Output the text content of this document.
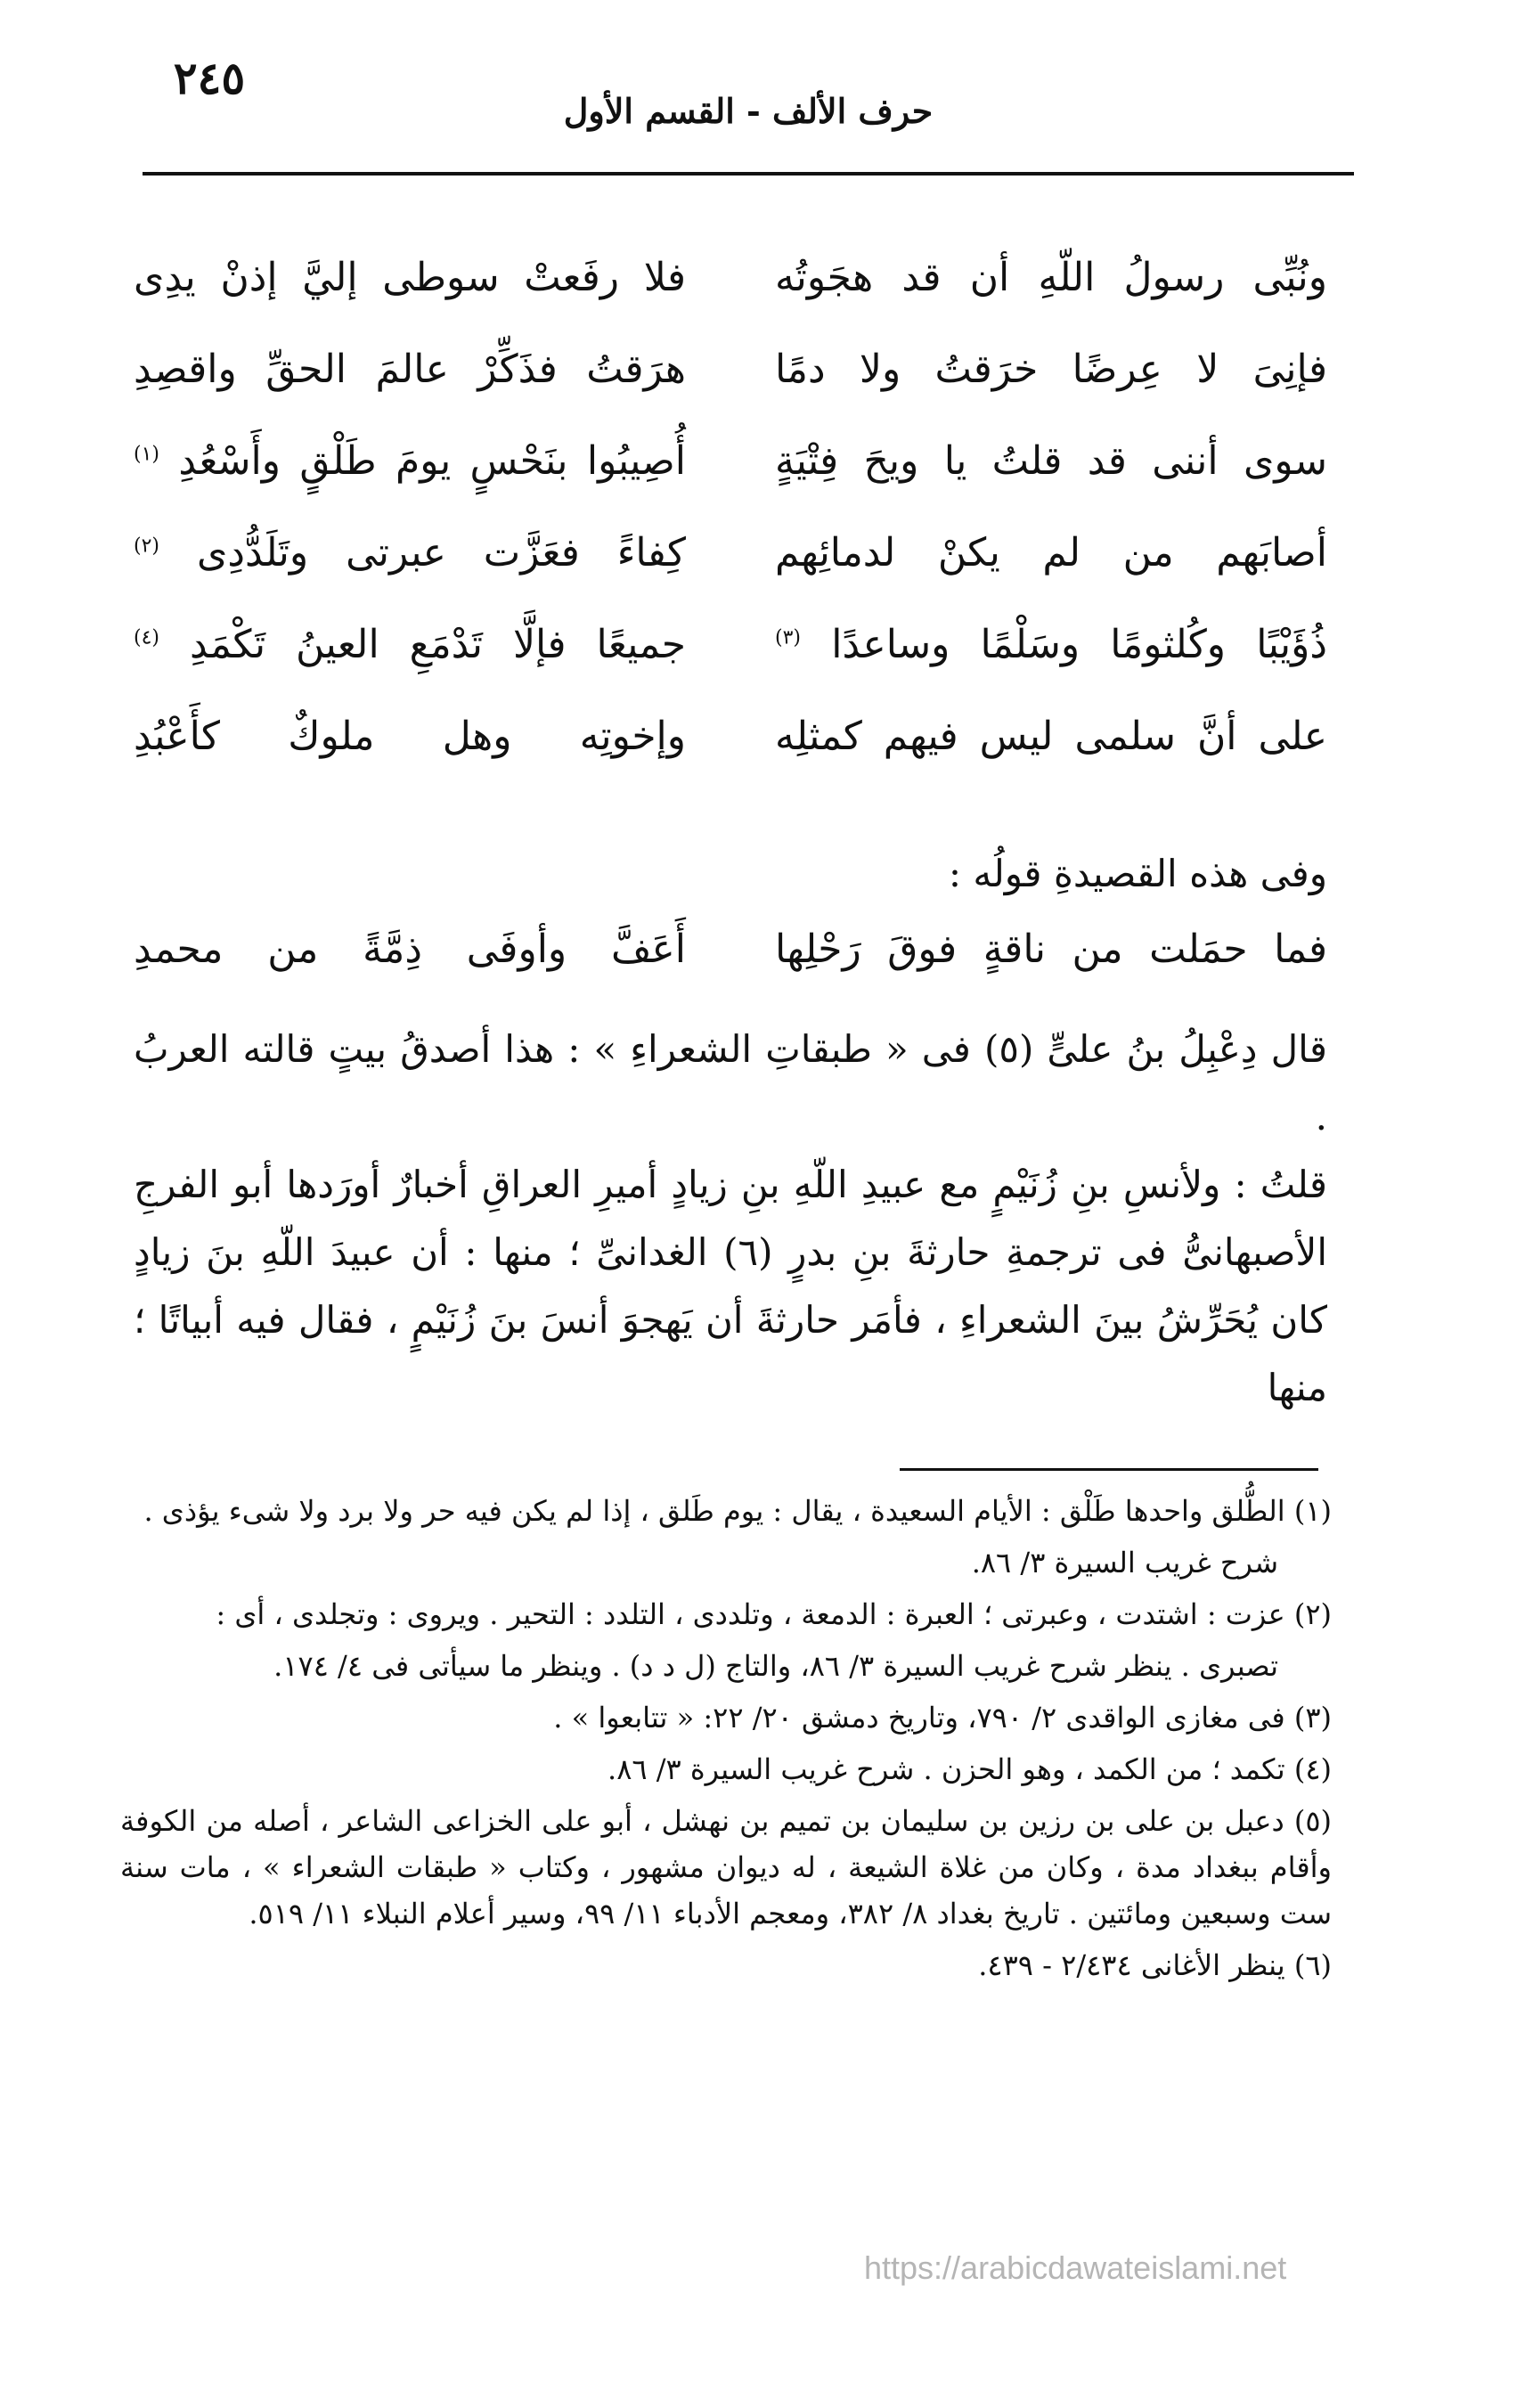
٢٤٥
حرف الألف - القسم الأول
ونُبِّى رسولُ اللّهِ أن قد هجَوتُه
فلا رفَعتْ سوطى إليَّ إذنْ يدِى
فإنِىَ لا عِرضًا خرَقتُ ولا دمًا
هرَقتُ فذَكِّرْ عالمَ الحقِّ واقصِدِ
سوى أننى قد قلتُ يا ويحَ فِتْيَةٍ
أُصِيبُوا بنَحْسٍ يومَ طَلْقٍ وأَسْعُدِ $^{(١)}$
أصابَهم من لم يكنْ لدمائِهم
كِفاءً فعَزَّت عبرتى وتَلَدُّدِى $^{(٢)}$
ذُؤَيْبًا وكُلثومًا وسَلْمًا وساعدًا $^{(٣)}$
جميعًا فإلَّا تَدْمَعِ العينُ تَكْمَدِ $^{(٤)}$
على أنَّ سلمى ليس فيهم كمثلِه
وإخوتِه وهل ملوكٌ كأَعْبُدِ
وفى هذه القصيدةِ قولُه :
فما حمَلت من ناقةٍ فوقَ رَحْلِها
أَعَفَّ وأوفَى ذِمَّةً من محمدِ

قال دِعْبِلُ بنُ علىٍّ (٥) فى « طبقاتِ الشعراءِ » : هذا أصدقُ بيتٍ قالته العربُ .

قلتُ : ولأنسِ بنِ زُنَيْمٍ مع عبيدِ اللّهِ بنِ زيادٍ أميرِ العراقِ أخبارٌ أورَدها أبو الفرجِ الأصبهانىُّ فى ترجمةِ حارثةَ بنِ بدرٍ (٦) الغدانىِّ ؛ منها : أن عبيدَ اللّهِ بنَ زيادٍ كان يُحَرِّشُ بينَ الشعراءِ ، فأمَر حارثةَ أن يَهجوَ أنسَ بنَ زُنَيْمٍ ، فقال فيه أبياتًا ؛ منها

(١) الطُّلق واحدها طَلْق : الأيام السعيدة ، يقال : يوم طَلق ، إذا لم يكن فيه حر ولا برد ولا شىء يؤذى .

شرح غريب السيرة ٣/ ٨٦.

(٢) عزت : اشتدت ، وعبرتى ؛ العبرة : الدمعة ، وتلددى ، التلدد : التحير . ويروى : وتجلدى ، أى :

تصبرى . ينظر شرح غريب السيرة ٣/ ٨٦، والتاج (ل د د) . وينظر ما سيأتى فى ٤/ ١٧٤.

(٣) فى مغازى الواقدى ٢/ ٧٩٠، وتاريخ دمشق ٢٠/ ٢٢: « تتابعوا » .

(٤) تكمد ؛ من الكمد ، وهو الحزن . شرح غريب السيرة ٣/ ٨٦.

(٥) دعبل بن على بن رزين بن سليمان بن تميم بن نهشل ، أبو على الخزاعى الشاعر ، أصله من الكوفة وأقام ببغداد مدة ، وكان من غلاة الشيعة ، له ديوان مشهور ، وكتاب « طبقات الشعراء » ، مات سنة ست وسبعين ومائتين . تاريخ بغداد ٨/ ٣٨٢، ومعجم الأدباء ١١/ ٩٩، وسير أعلام النبلاء ١١/ ٥١٩.

(٦) ينظر الأغانى ٢/٤٣٤ - ٤٣٩.

https://arabicdawateislami.net
